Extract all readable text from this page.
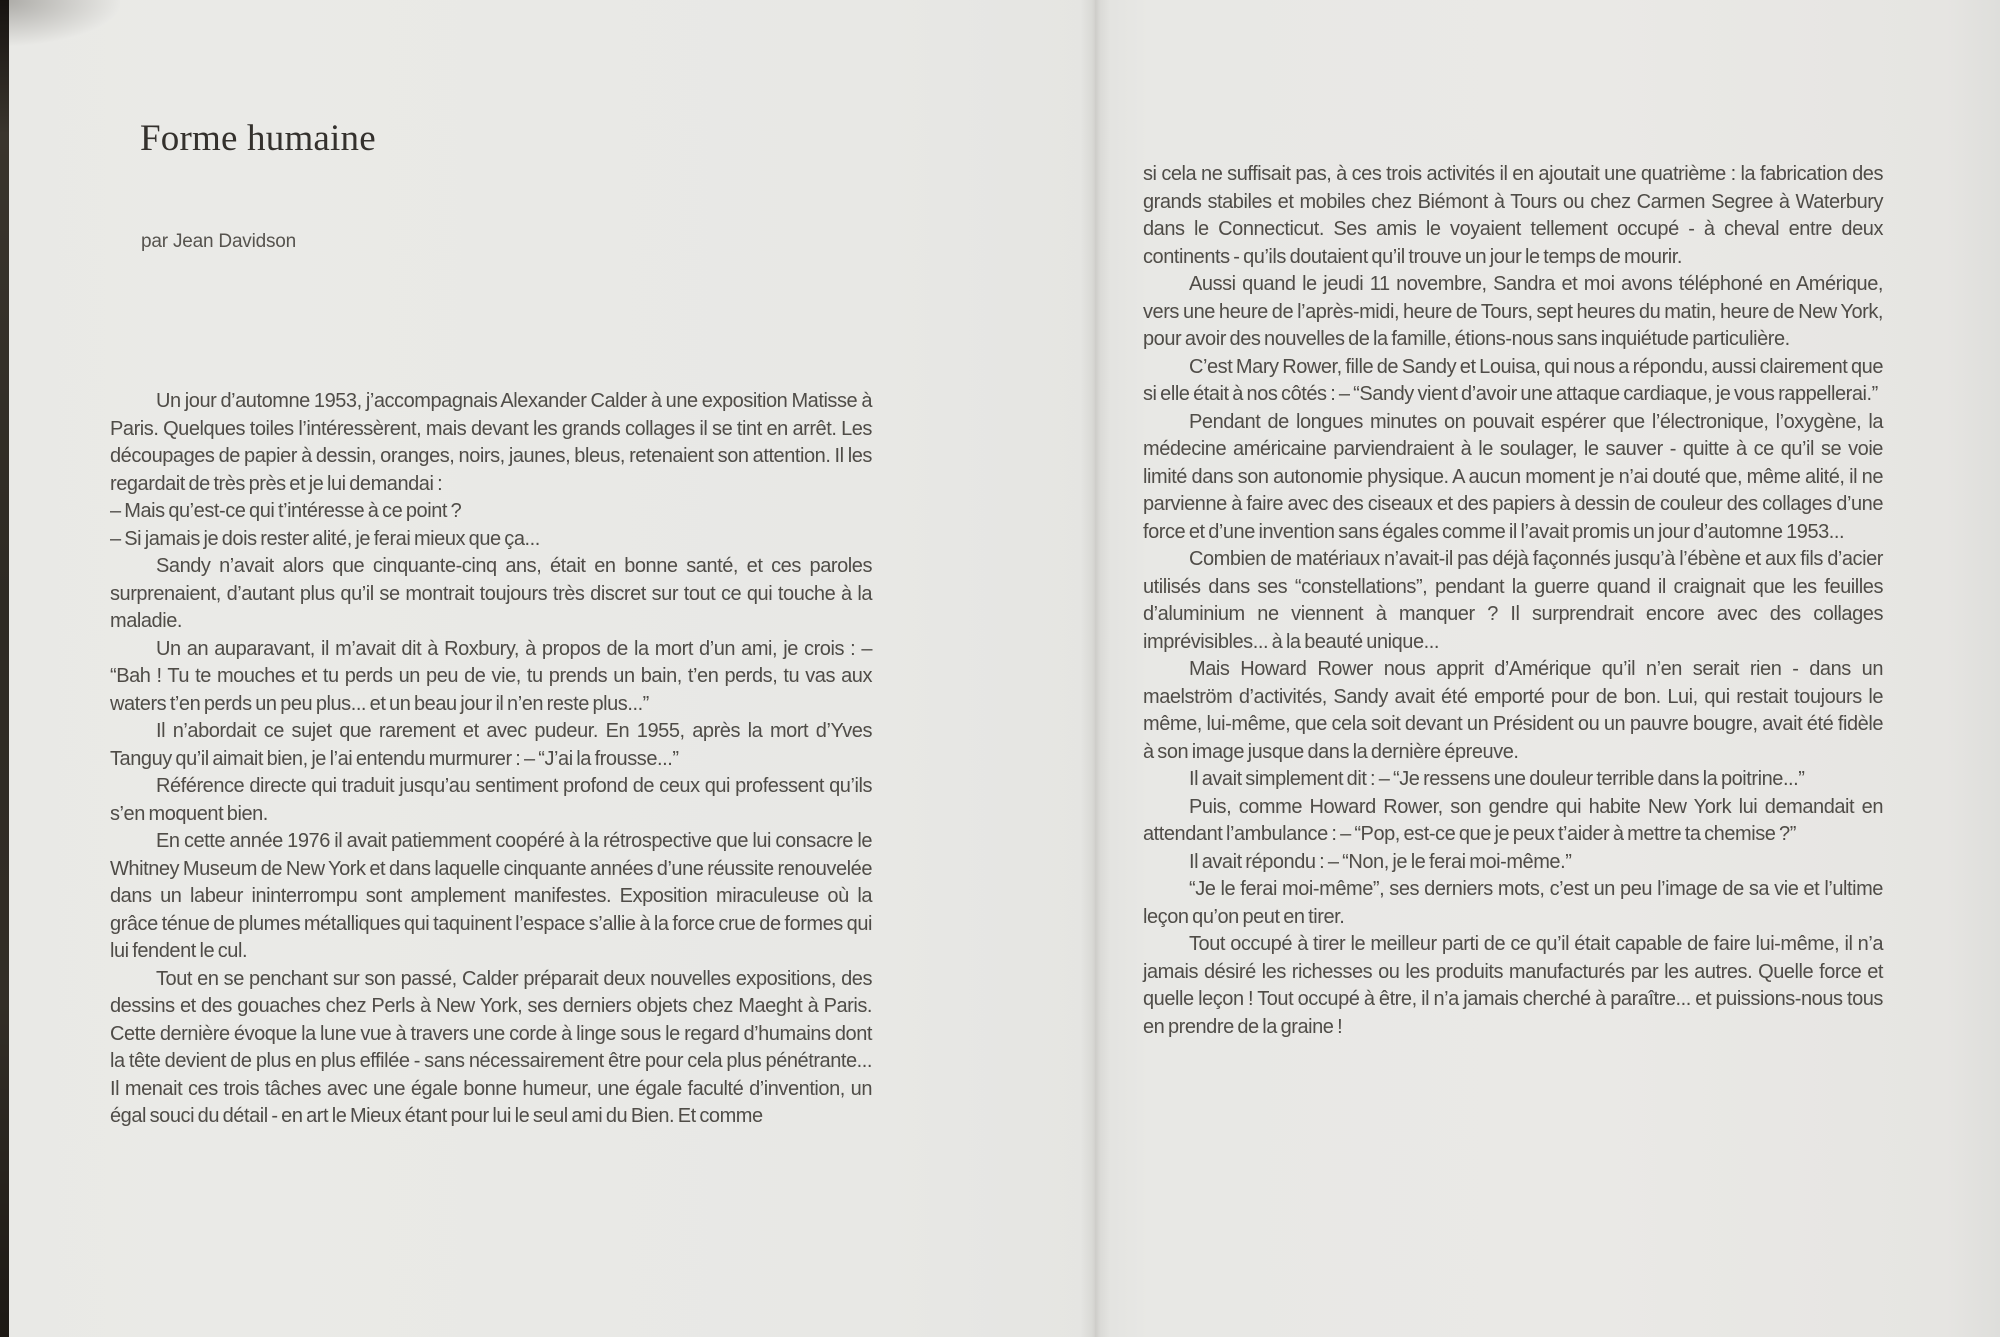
Forme humaine
par Jean Davidson

Un jour d’automne 1953, j’accompagnais Alexander Calder à une exposition Matisse à Paris. Quelques toiles l’intéressèrent, mais devant les grands collages il se tint en arrêt. Les découpages de papier à dessin, oranges, noirs, jaunes, bleus, retenaient son attention. Il les regardait de très près et je lui demandai :

– Mais qu’est-ce qui t’intéresse à ce point ?

– Si jamais je dois rester alité, je ferai mieux que ça...

Sandy n’avait alors que cinquante-cinq ans, était en bonne santé, et ces paroles surprenaient, d’autant plus qu’il se montrait toujours très discret sur tout ce qui touche à la maladie.

Un an auparavant, il m’avait dit à Roxbury, à propos de la mort d’un ami, je crois : – “Bah ! Tu te mouches et tu perds un peu de vie, tu prends un bain, t’en perds, tu vas aux waters t’en perds un peu plus... et un beau jour il n’en reste plus...”

Il n’abordait ce sujet que rarement et avec pudeur. En 1955, après la mort d’Yves Tanguy qu’il aimait bien, je l’ai entendu murmurer : – “J’ai la frousse...”

Référence directe qui traduit jusqu’au sentiment profond de ceux qui professent qu’ils s’en moquent bien.

En cette année 1976 il avait patiemment coopéré à la rétrospective que lui consacre le Whitney Museum de New York et dans laquelle cinquante années d’une réussite renouvelée dans un labeur ininterrompu sont amplement manifestes. Exposition miraculeuse où la grâce ténue de plumes métalliques qui taquinent l’espace s’allie à la force crue de formes qui lui fendent le cul.

Tout en se penchant sur son passé, Calder préparait deux nouvelles expositions, des dessins et des gouaches chez Perls à New York, ses derniers objets chez Maeght à Paris. Cette dernière évoque la lune vue à travers une corde à linge sous le regard d’humains dont la tête devient de plus en plus effilée - sans nécessairement être pour cela plus pénétrante... Il menait ces trois tâches avec une égale bonne humeur, une égale faculté d’invention, un égal souci du détail - en art le Mieux étant pour lui le seul ami du Bien. Et comme

si cela ne suffisait pas, à ces trois activités il en ajoutait une quatrième : la fabrication des grands stabiles et mobiles chez Biémont à Tours ou chez Carmen Segree à Waterbury dans le Connecticut. Ses amis le voyaient tellement occupé - à cheval entre deux continents - qu’ils doutaient qu’il trouve un jour le temps de mourir.

Aussi quand le jeudi 11 novembre, Sandra et moi avons téléphoné en Amérique, vers une heure de l’après-midi, heure de Tours, sept heures du matin, heure de New York, pour avoir des nouvelles de la famille, étions-nous sans inquiétude particulière.

C’est Mary Rower, fille de Sandy et Louisa, qui nous a répondu, aussi clairement que si elle était à nos côtés : – “Sandy vient d’avoir une attaque cardiaque, je vous rappellerai.”

Pendant de longues minutes on pouvait espérer que l’électronique, l’oxygène, la médecine américaine parviendraient à le soulager, le sauver - quitte à ce qu’il se voie limité dans son autonomie physique. A aucun moment je n’ai douté que, même alité, il ne parvienne à faire avec des ciseaux et des papiers à dessin de couleur des collages d’une force et d’une invention sans égales comme il l’avait promis un jour d’automne 1953...

Combien de matériaux n’avait-il pas déjà façonnés jusqu’à l’ébène et aux fils d’acier utilisés dans ses “constellations”, pendant la guerre quand il craignait que les feuilles d’aluminium ne viennent à manquer ? Il surprendrait encore avec des collages imprévisibles... à la beauté unique...

Mais Howard Rower nous apprit d’Amérique qu’il n’en serait rien - dans un maelström d’activités, Sandy avait été emporté pour de bon. Lui, qui restait toujours le même, lui-même, que cela soit devant un Président ou un pauvre bougre, avait été fidèle à son image jusque dans la dernière épreuve.

Il avait simplement dit : – “Je ressens une douleur terrible dans la poitrine...”

Puis, comme Howard Rower, son gendre qui habite New York lui demandait en attendant l’ambulance : – “Pop, est-ce que je peux t’aider à mettre ta chemise ?”

Il avait répondu : – “Non, je le ferai moi-même.”

“Je le ferai moi-même”, ses derniers mots, c’est un peu l’image de sa vie et l’ultime leçon qu’on peut en tirer.

Tout occupé à tirer le meilleur parti de ce qu’il était capable de faire lui-même, il n’a jamais désiré les richesses ou les produits manufacturés par les autres. Quelle force et quelle leçon ! Tout occupé à être, il n’a jamais cherché à paraître... et puissions-nous tous en prendre de la graine !
